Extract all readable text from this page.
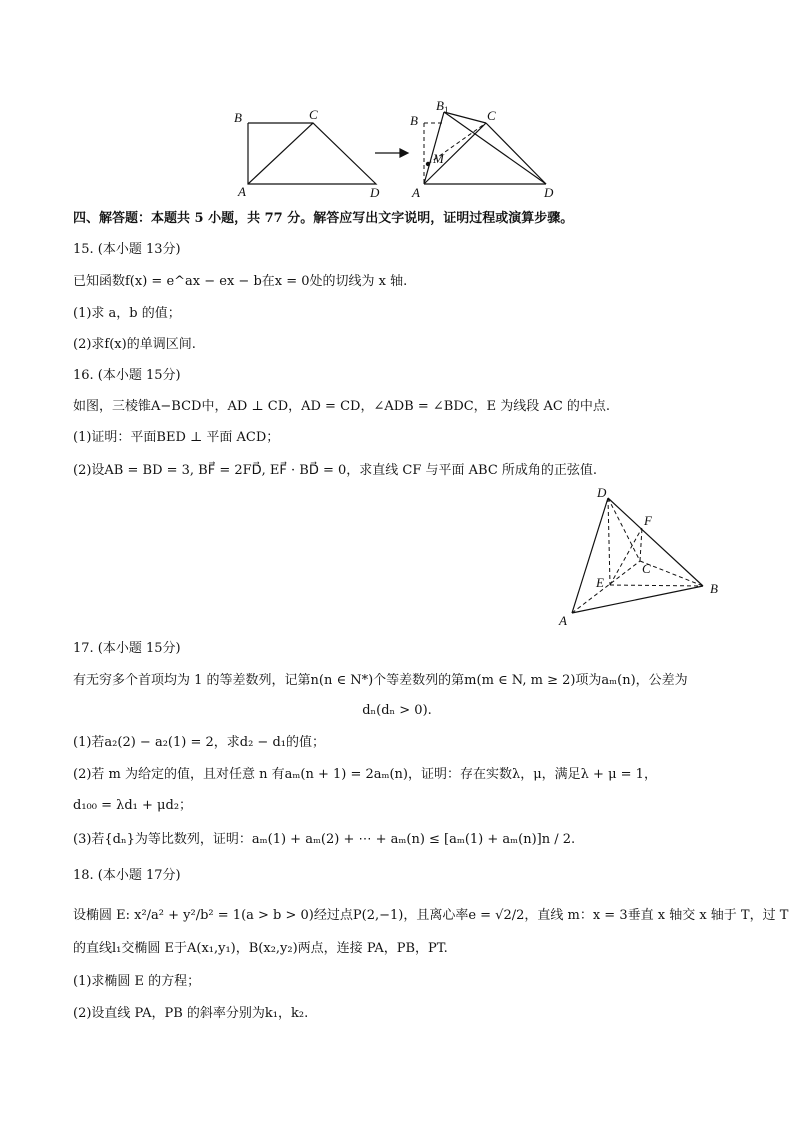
B	C
A	D
$B_1$
B	C
M
A	D
四、解答题：本题共 5 小题，共 77 分。解答应写出文字说明，证明过程或演算步骤。
15. (本小题 13分)
已知函数f(x) = e^ax − ex − b在x = 0处的切线为 x 轴.
(1)求 a，b 的值；
(2)求f(x)的单调区间.
16. (本小题 15分)
如图，三棱锥A−BCD中，AD ⊥ CD，AD = CD，∠ADB = ∠BDC，E 为线段 AC 的中点.
(1)证明：平面BED ⊥ 平面 ACD；
(2)设AB = BD = 3, BF⃗ = 2FD⃗, EF⃗ · BD⃗ = 0，求直线 CF 与平面 ABC 所成角的正弦值.
D
F
C
E	B
A
17. (本小题 15分)
有无穷多个首项均为 1 的等差数列，记第n(n ∈ N*)个等差数列的第m(m ∈ N, m ≥ 2)项为aₘ(n)，公差为
dₙ(dₙ > 0).
(1)若a₂(2) − a₂(1) = 2，求d₂ − d₁的值；
(2)若 m 为给定的值，且对任意 n 有aₘ(n + 1) = 2aₘ(n)，证明：存在实数λ，μ，满足λ + μ = 1，
d₁₀₀ = λd₁ + μd₂；
(3)若{dₙ}为等比数列，证明：aₘ(1) + aₘ(2) + ⋯ + aₘ(n) ≤ [aₘ(1) + aₘ(n)]n / 2.
18. (本小题 17分)
设椭圆 E: x²/a² + y²/b² = 1(a > b > 0)经过点P(2,−1)，且离心率e = √2/2，直线 m：x = 3垂直 x 轴交 x 轴于 T，过 T
的直线l₁交椭圆 E于A(x₁,y₁)，B(x₂,y₂)两点，连接 PA，PB，PT.
(1)求椭圆 E 的方程；
(2)设直线 PA，PB 的斜率分别为k₁，k₂.
